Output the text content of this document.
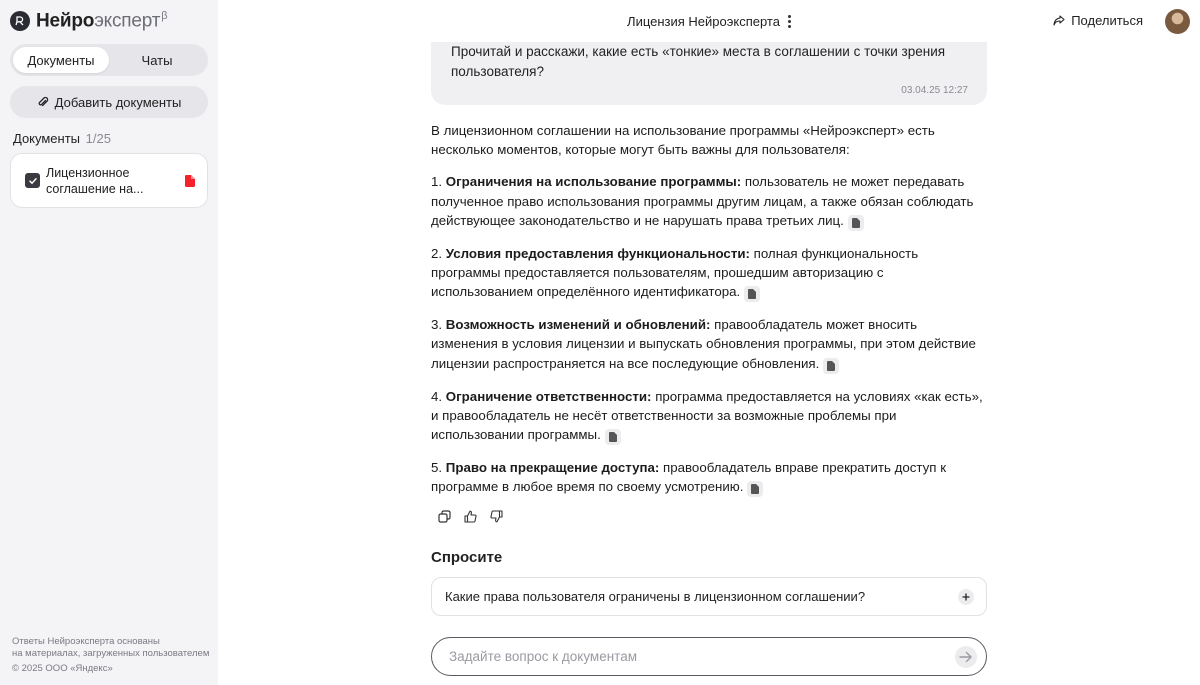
Нейроэксперт$^\beta$
Документы	Чаты
Добавить документы
Документы 1/25
Лицензионное
соглашение на...
Ответы Нейроэксперта основаны
на материалах, загруженных пользователем
© 2025 ООО «Яндекс»
Лицензия Нейроэксперта	Поделиться
Прочитай и расскажи, какие есть «тонкие» места в соглашении с точки зрения пользователя?
03.04.25 12:27

В лицензионном соглашении на использование программы «Нейроэксперт» есть несколько моментов, которые могут быть важны для пользователя:

1. Ограничения на использование программы: пользователь не может передавать полученное право использования программы другим лицам, а также обязан соблюдать действующее законодательство и не нарушать права третьих лиц.

2. Условия предоставления функциональности: полная функциональность программы предоставляется пользователям, прошедшим авторизацию с использованием определённого идентификатора.

3. Возможность изменений и обновлений: правообладатель может вносить изменения в условия лицензии и выпускать обновления программы, при этом действие лицензии распространяется на все последующие обновления.

4. Ограничение ответственности: программа предоставляется на условиях «как есть», и правообладатель не несёт ответственности за возможные проблемы при использовании программы.

5. Право на прекращение доступа: правообладатель вправе прекратить доступ к программе в любое время по своему усмотрению.

Спросите
Какие права пользователя ограничены в лицензионном соглашении?
Задайте вопрос к документам
